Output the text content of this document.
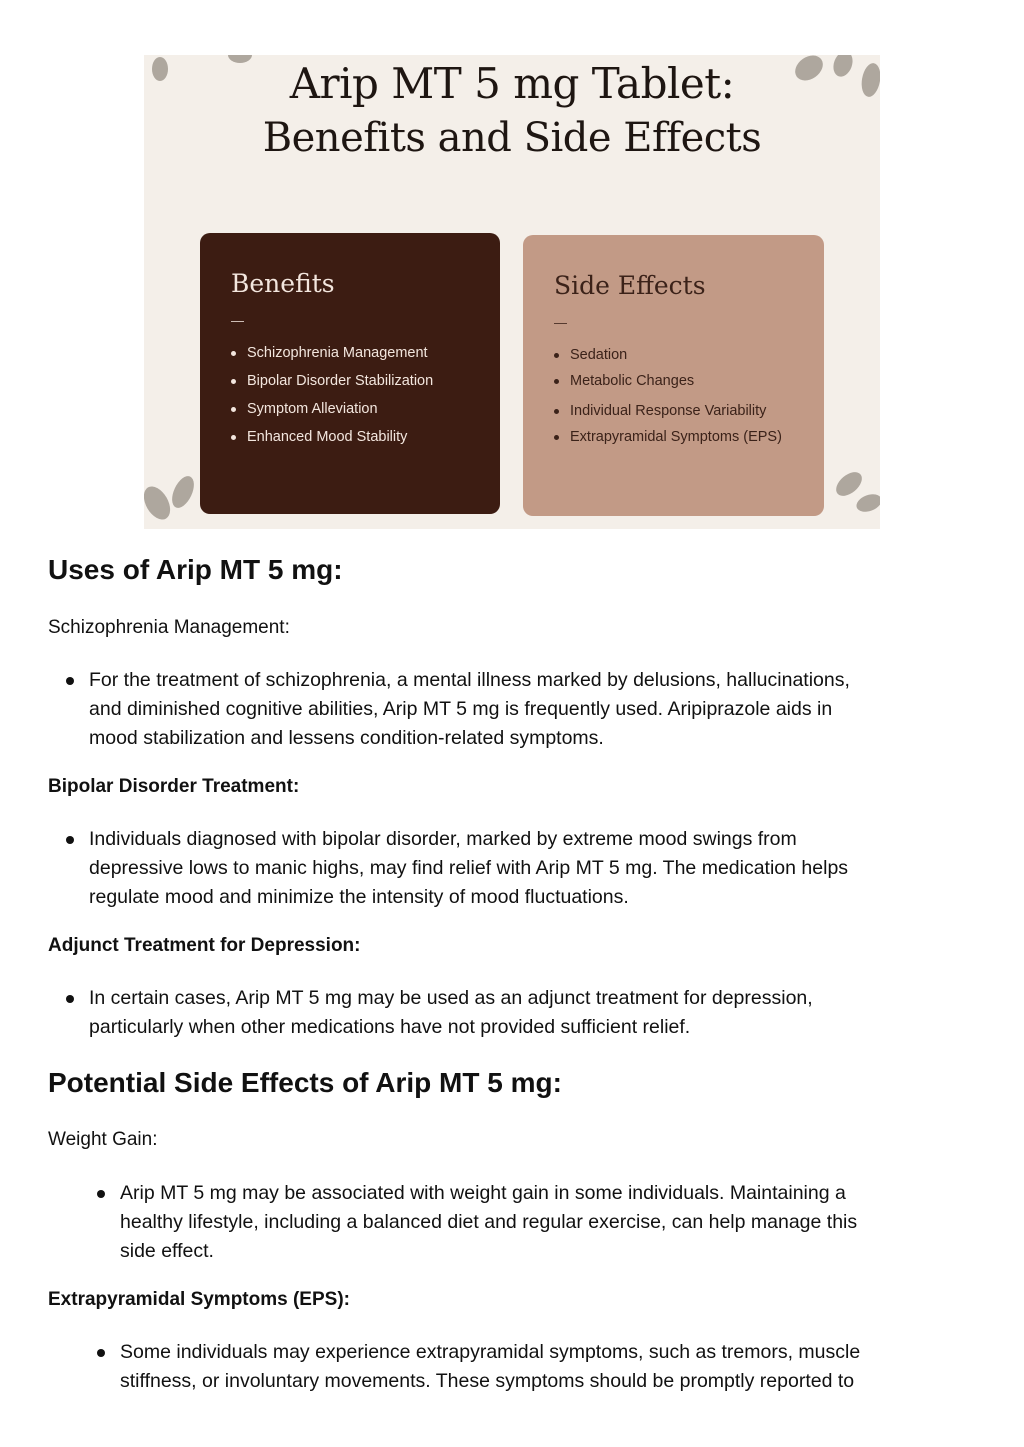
Arip MT 5 mg Tablet:
Benefits and Side Effects
Benefits
Schizophrenia Management
Bipolar Disorder Stabilization
Symptom Alleviation
Enhanced Mood Stability
Side Effects
Sedation
Metabolic Changes
Individual Response Variability
Extrapyramidal Symptoms (EPS)
Uses of Arip MT 5 mg:

Schizophrenia Management:

For the treatment of schizophrenia, a mental illness marked by delusions, hallucinations,
and diminished cognitive abilities, Arip MT 5 mg is frequently used. Aripiprazole aids in
mood stabilization and lessens condition-related symptoms.

Bipolar Disorder Treatment:

Individuals diagnosed with bipolar disorder, marked by extreme mood swings from
depressive lows to manic highs, may find relief with Arip MT 5 mg. The medication helps
regulate mood and minimize the intensity of mood fluctuations.

Adjunct Treatment for Depression:

In certain cases, Arip MT 5 mg may be used as an adjunct treatment for depression,
particularly when other medications have not provided sufficient relief.
Potential Side Effects of Arip MT 5 mg:

Weight Gain:

Arip MT 5 mg may be associated with weight gain in some individuals. Maintaining a
healthy lifestyle, including a balanced diet and regular exercise, can help manage this
side effect.

Extrapyramidal Symptoms (EPS):

Some individuals may experience extrapyramidal symptoms, such as tremors, muscle
stiffness, or involuntary movements. These symptoms should be promptly reported to
